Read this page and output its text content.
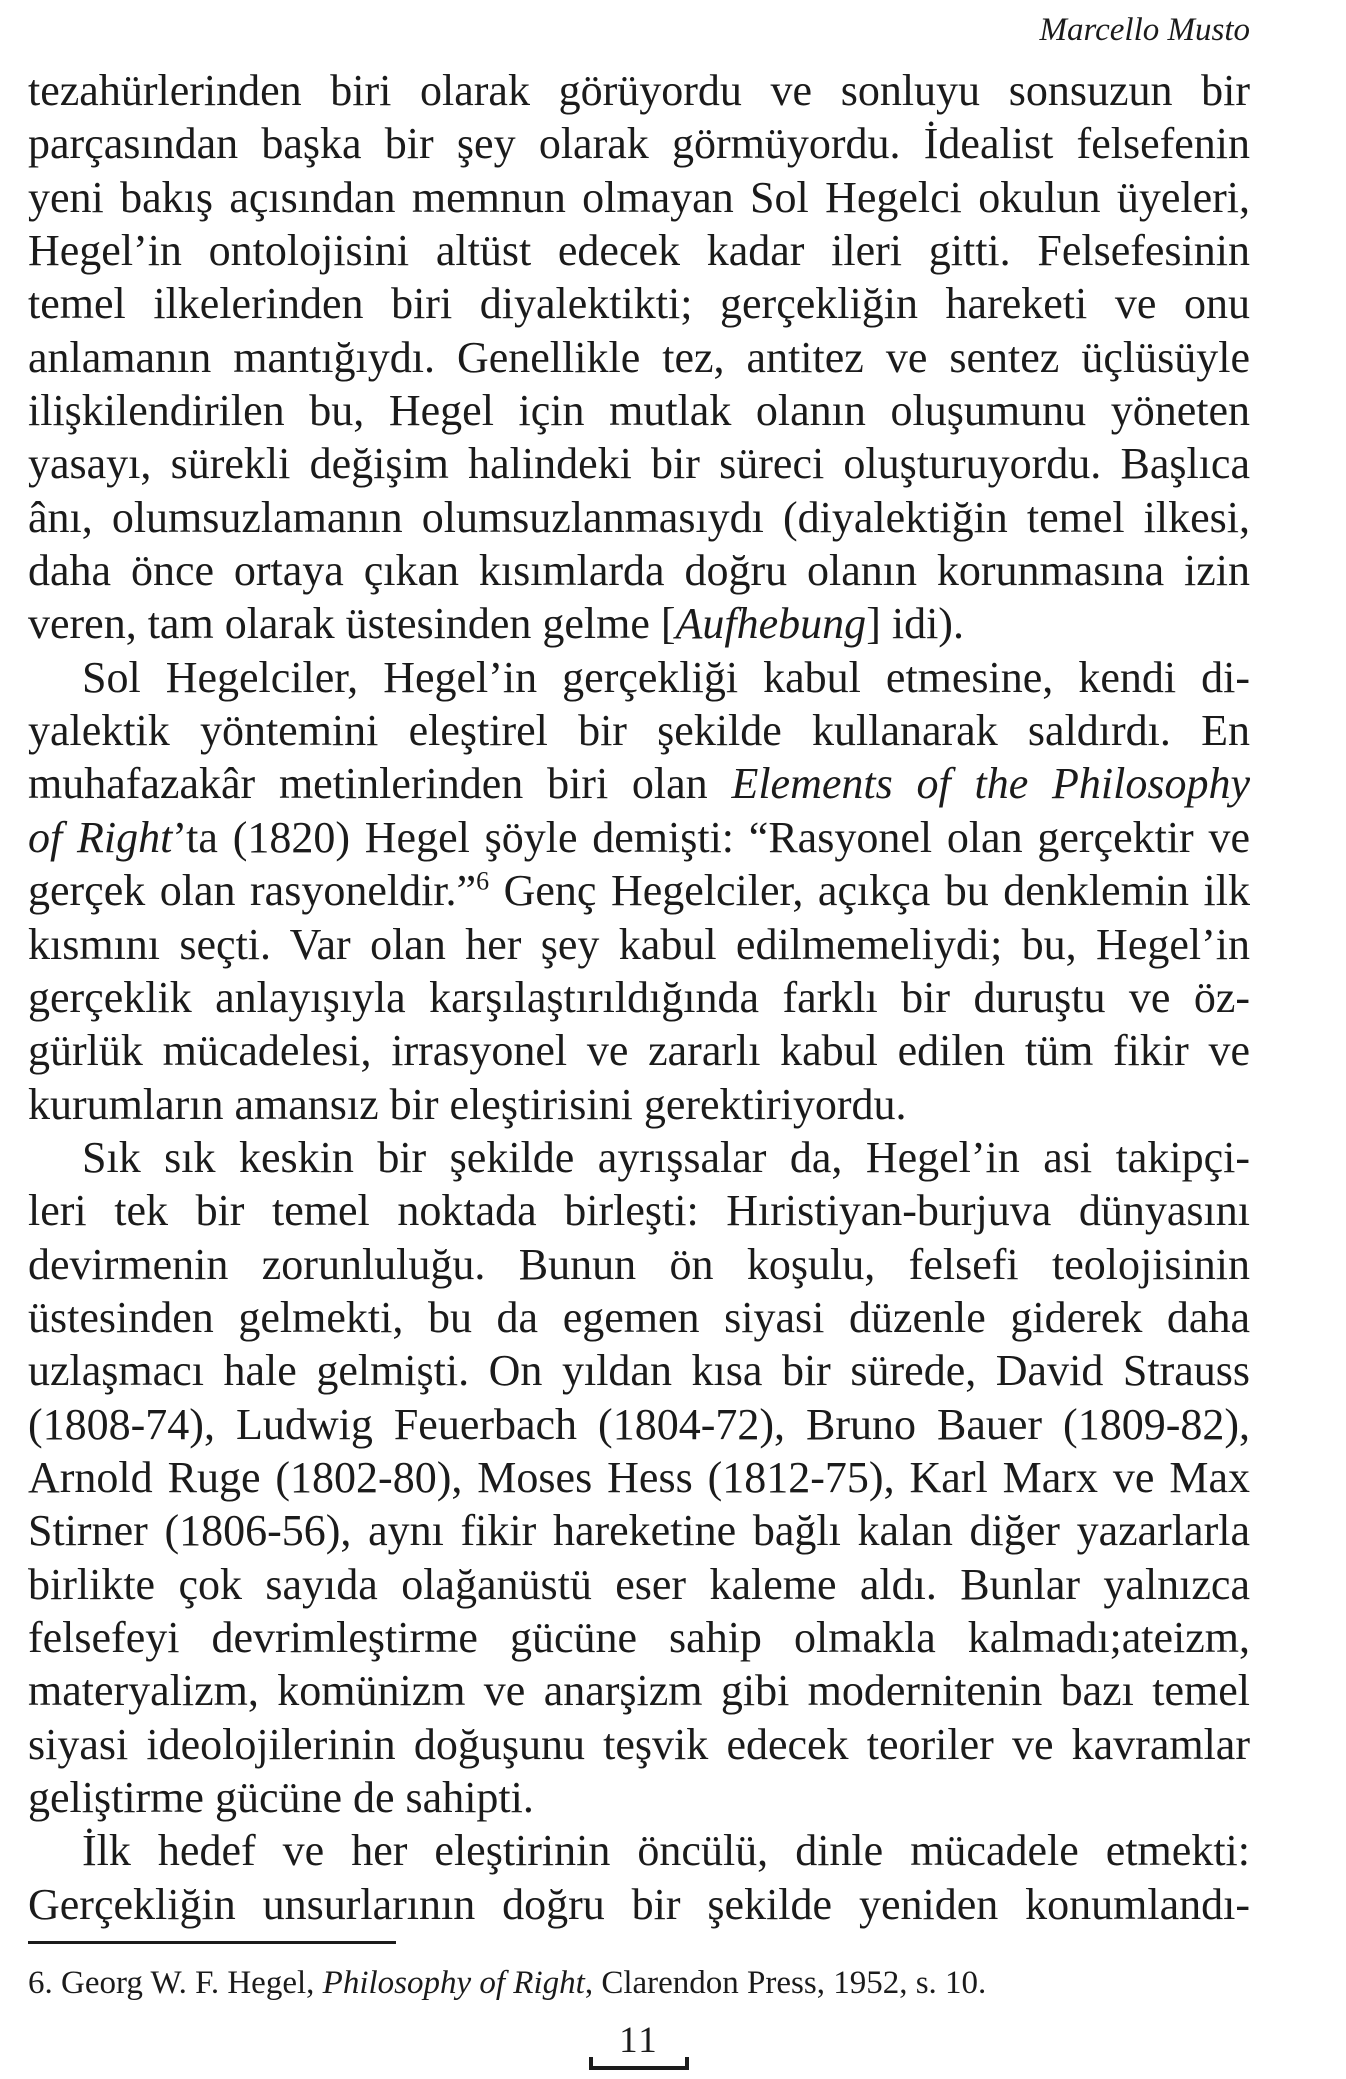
Marcello Musto
tezahürlerinden biri olarak görüyordu ve sonluyu sonsuzun bir
parçasından başka bir şey olarak görmüyordu. İdealist felsefenin
yeni bakış açısından memnun olmayan Sol Hegelci okulun üyeleri,
Hegel’in ontolojisini altüst edecek kadar ileri gitti. Felsefesinin
temel ilkelerinden biri diyalektikti; gerçekliğin hareketi ve onu
anlamanın mantığıydı. Genellikle tez, antitez ve sentez üçlüsüyle
ilişkilendirilen bu, Hegel için mutlak olanın oluşumunu yöneten
yasayı, sürekli değişim halindeki bir süreci oluşturuyordu. Başlıca
ânı, olumsuzlamanın olumsuzlanmasıydı (diyalektiğin temel ilkesi,
daha önce ortaya çıkan kısımlarda doğru olanın korunmasına izin
veren, tam olarak üstesinden gelme [Aufhebung] idi).
Sol Hegelciler, Hegel’in gerçekliği kabul etmesine, kendi di-
yalektik yöntemini eleştirel bir şekilde kullanarak saldırdı. En
muhafazakâr metinlerinden biri olan Elements of the Philosophy
of Right’ta (1820) Hegel şöyle demişti: “Rasyonel olan gerçektir ve
gerçek olan rasyoneldir.”$^6$ Genç Hegelciler, açıkça bu denklemin ilk
kısmını seçti. Var olan her şey kabul edilmemeliydi; bu, Hegel’in
gerçeklik anlayışıyla karşılaştırıldığında farklı bir duruştu ve öz-
gürlük mücadelesi, irrasyonel ve zararlı kabul edilen tüm fikir ve
kurumların amansız bir eleştirisini gerektiriyordu.
Sık sık keskin bir şekilde ayrışsalar da, Hegel’in asi takipçi-
leri tek bir temel noktada birleşti: Hıristiyan-burjuva dünyasını
devirmenin zorunluluğu. Bunun ön koşulu, felsefi teolojisinin
üstesinden gelmekti, bu da egemen siyasi düzenle giderek daha
uzlaşmacı hale gelmişti. On yıldan kısa bir sürede, David Strauss
(1808-74), Ludwig Feuerbach (1804-72), Bruno Bauer (1809-82),
Arnold Ruge (1802-80), Moses Hess (1812-75), Karl Marx ve Max
Stirner (1806-56), aynı fikir hareketine bağlı kalan diğer yazarlarla
birlikte çok sayıda olağanüstü eser kaleme aldı. Bunlar yalnızca
felsefeyi devrimleştirme gücüne sahip olmakla kalmadı;ateizm,
materyalizm, komünizm ve anarşizm gibi modernitenin bazı temel
siyasi ideolojilerinin doğuşunu teşvik edecek teoriler ve kavramlar
geliştirme gücüne de sahipti.
İlk hedef ve her eleştirinin öncülü, dinle mücadele etmekti:
Gerçekliğin unsurlarının doğru bir şekilde yeniden konumlandı-
6. Georg W. F. Hegel, Philosophy of Right, Clarendon Press, 1952, s. 10.
11
